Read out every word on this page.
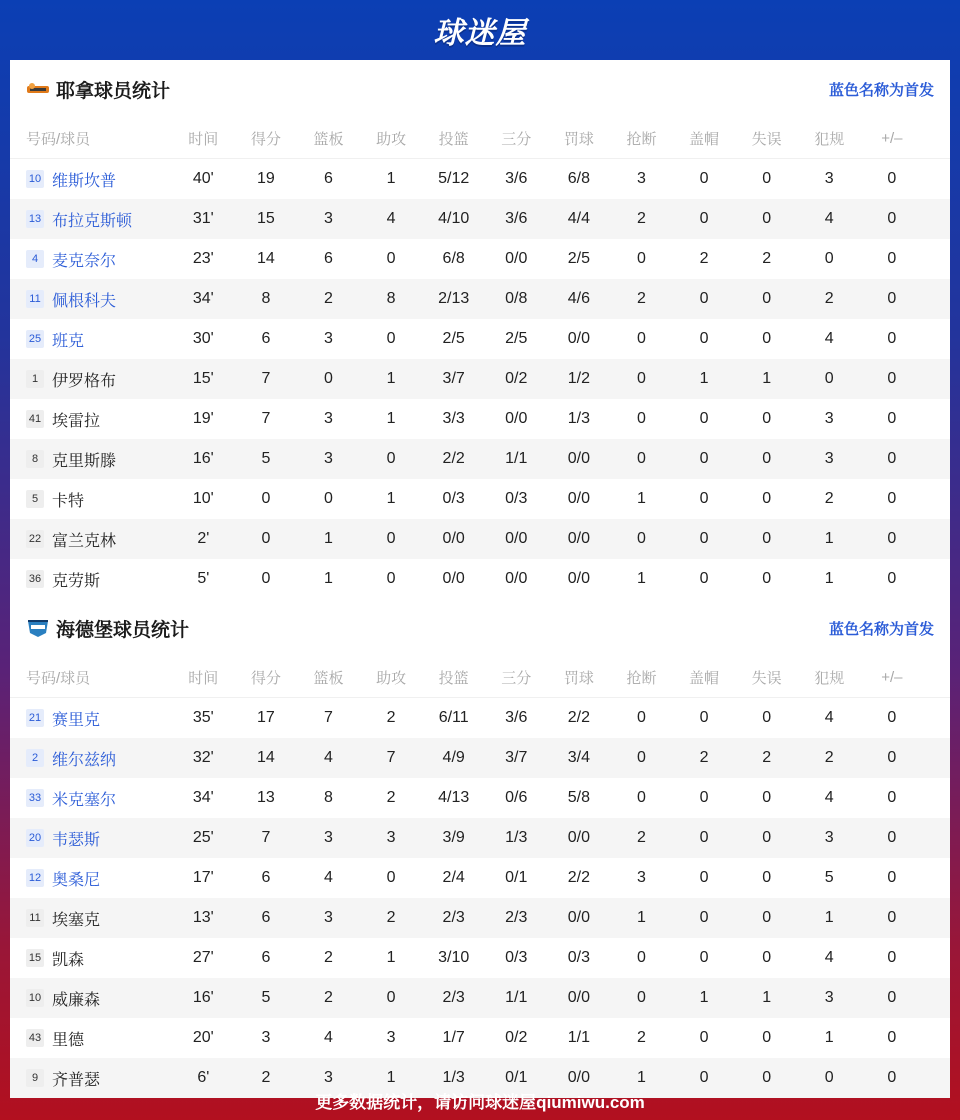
球迷屋
耶拿球员统计	蓝色名称为首发
号码/球员	时间	得分	篮板	助攻	投篮	三分	罚球	抢断	盖帽	失误	犯规	+/–
10 维斯坎普	40'	19	6	1	5/12	3/6	6/8	3	0	0	3	0
13 布拉克斯顿	31'	15	3	4	4/10	3/6	4/4	2	0	0	4	0
4 麦克奈尔	23'	14	6	0	6/8	0/0	2/5	0	2	2	0	0
11 佩根科夫	34'	8	2	8	2/13	0/8	4/6	2	0	0	2	0
25 班克	30'	6	3	0	2/5	2/5	0/0	0	0	0	4	0
1 伊罗格布	15'	7	0	1	3/7	0/2	1/2	0	1	1	0	0
41 埃雷拉	19'	7	3	1	3/3	0/0	1/3	0	0	0	3	0
8 克里斯滕	16'	5	3	0	2/2	1/1	0/0	0	0	0	3	0
5 卡特	10'	0	0	1	0/3	0/3	0/0	1	0	0	2	0
22 富兰克林	2'	0	1	0	0/0	0/0	0/0	0	0	0	1	0
36 克劳斯	5'	0	1	0	0/0	0/0	0/0	1	0	0	1	0
海德堡球员统计	蓝色名称为首发
号码/球员	时间	得分	篮板	助攻	投篮	三分	罚球	抢断	盖帽	失误	犯规	+/–
21 赛里克	35'	17	7	2	6/11	3/6	2/2	0	0	0	4	0
2 维尔兹纳	32'	14	4	7	4/9	3/7	3/4	0	2	2	2	0
33 米克塞尔	34'	13	8	2	4/13	0/6	5/8	0	0	0	4	0
20 韦瑟斯	25'	7	3	3	3/9	1/3	0/0	2	0	0	3	0
12 奥桑尼	17'	6	4	0	2/4	0/1	2/2	3	0	0	5	0
11 埃塞克	13'	6	3	2	2/3	2/3	0/0	1	0	0	1	0
15 凯森	27'	6	2	1	3/10	0/3	0/3	0	0	0	4	0
10 威廉森	16'	5	2	0	2/3	1/1	0/0	0	1	1	3	0
43 里德	20'	3	4	3	1/7	0/2	1/1	2	0	0	1	0
9 齐普瑟	6'	2	3	1	1/3	0/1	0/0	1	0	0	0	0
更多数据统计，请访问球迷屋qiumiwu.com
